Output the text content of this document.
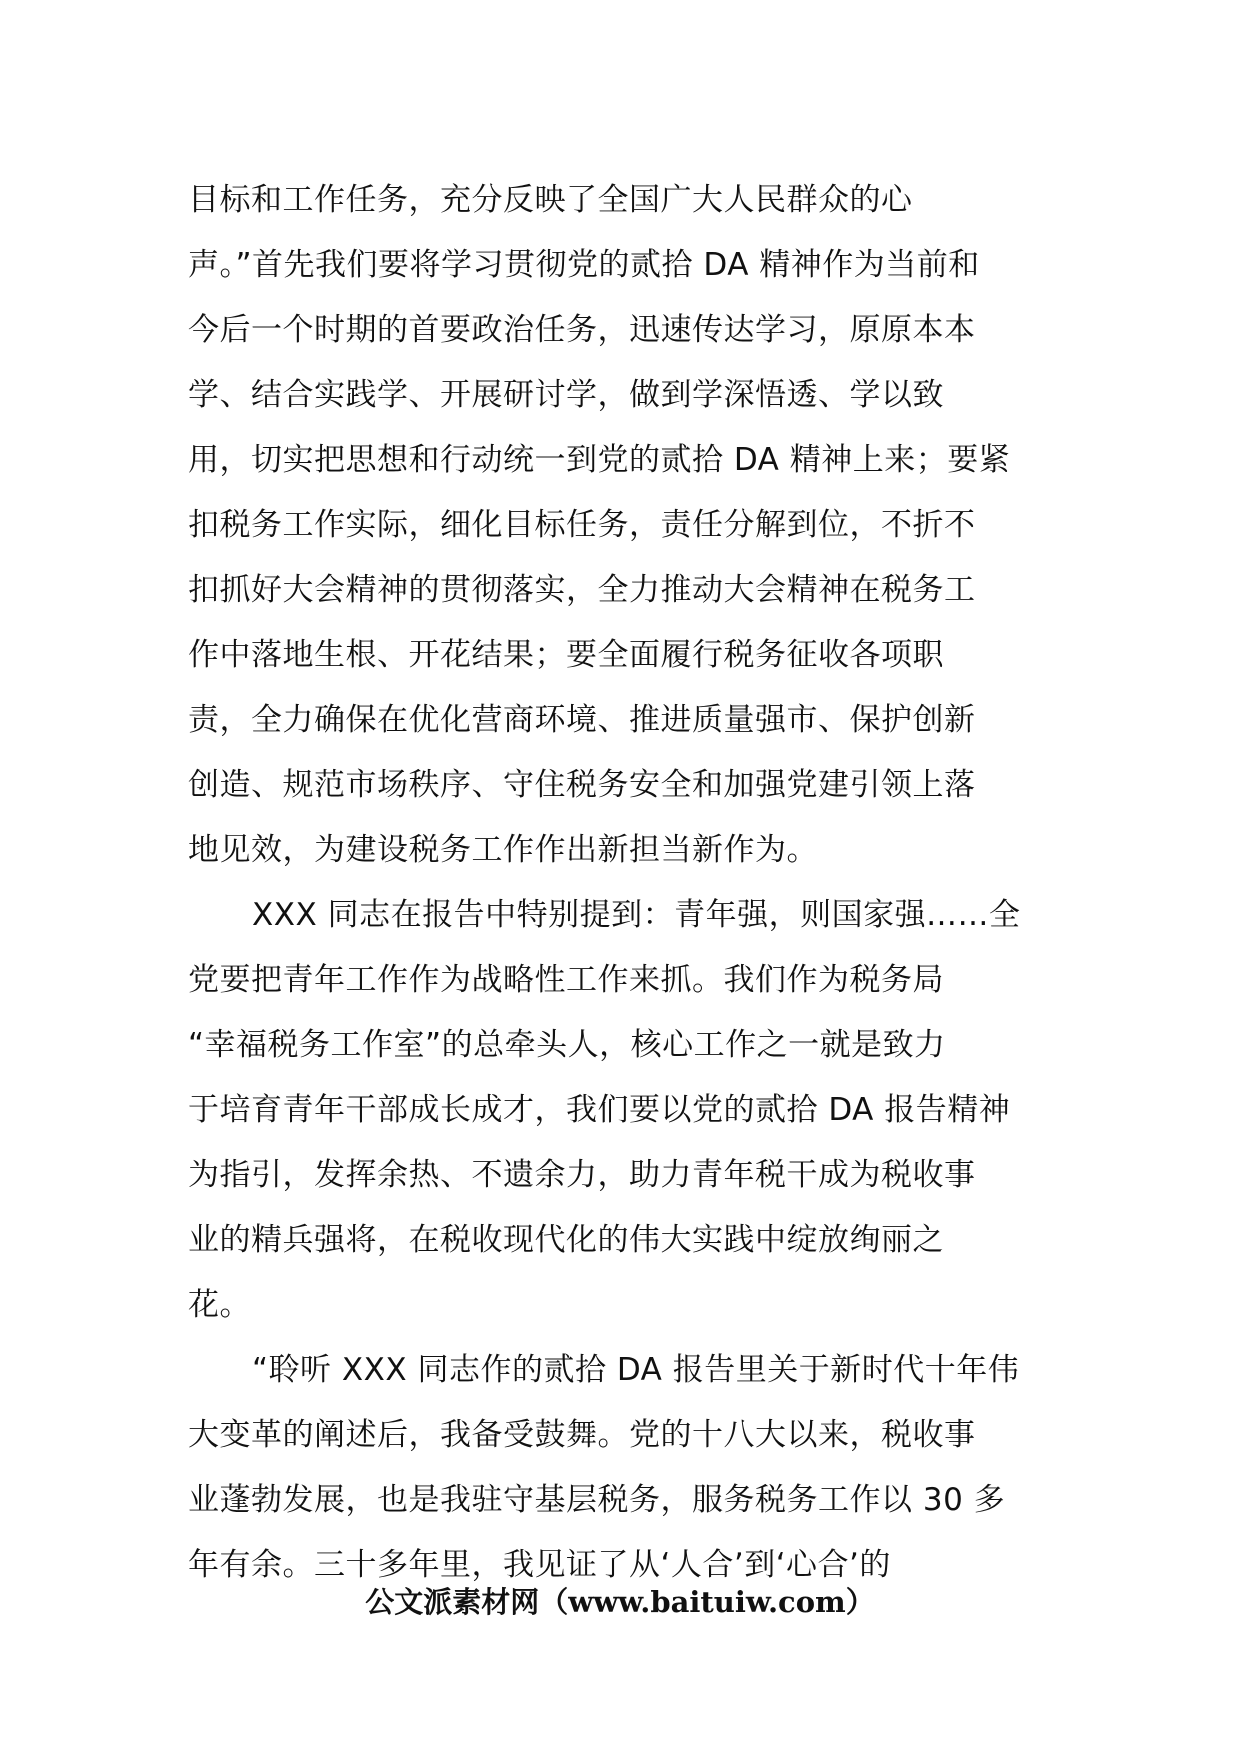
目标和工作任务，充分反映了全国广大人民群众的心
声。”首先我们要将学习贯彻党的贰拾 DA 精神作为当前和
今后一个时期的首要政治任务，迅速传达学习，原原本本
学、结合实践学、开展研讨学，做到学深悟透、学以致
用，切实把思想和行动统一到党的贰拾 DA 精神上来；要紧
扣税务工作实际，细化目标任务，责任分解到位，不折不
扣抓好大会精神的贯彻落实，全力推动大会精神在税务工
作中落地生根、开花结果；要全面履行税务征收各项职
责，全力确保在优化营商环境、推进质量强市、保护创新
创造、规范市场秩序、守住税务安全和加强党建引领上落
地见效，为建设税务工作作出新担当新作为。
XXX 同志在报告中特别提到：青年强，则国家强……全
党要把青年工作作为战略性工作来抓。我们作为税务局
“幸福税务工作室”的总牵头人，核心工作之一就是致力
于培育青年干部成长成才，我们要以党的贰拾 DA 报告精神
为指引，发挥余热、不遗余力，助力青年税干成为税收事
业的精兵强将，在税收现代化的伟大实践中绽放绚丽之
花。
“聆听 XXX 同志作的贰拾 DA 报告里关于新时代十年伟
大变革的阐述后，我备受鼓舞。党的十八大以来，税收事
业蓬勃发展，也是我驻守基层税务，服务税务工作以 30 多
年有余。三十多年里，我见证了从‘人合’到‘心合’的
公文派素材网（www.baituiw.com）
